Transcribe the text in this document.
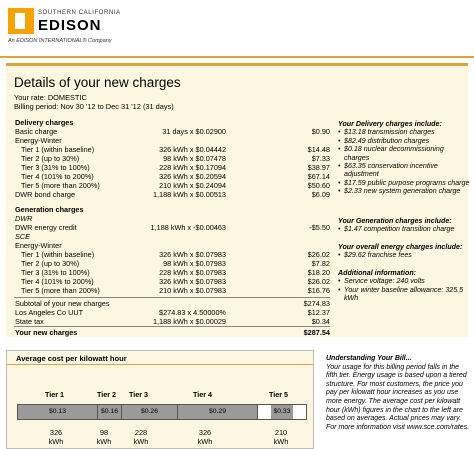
SOUTHERN CALIFORNIA
EDISON
An EDISON INTERNATIONAL® Company
Details of your new charges
Your rate: DOMESTIC
Billing period: Nov 30 '12 to Dec 31 '12 (31 days)
Delivery charges
Basic charge	31 days x $0.02900	$0.90
Energy-Winter
Tier 1 (within baseline)	326 kWh x $0.04442	$14.48
Tier 2 (up to 30%)	98 kWh x $0.07478	$7.33
Tier 3 (31% to 100%)	228 kWh x $0.17094	$38.97
Tier 4 (101% to 200%)	326 kWh x $0.20594	$67.14
Tier 5 (more than 200%)	210 kWh x $0.24094	$50.60
DWR bond charge	1,188 kWh x $0.00513	$6.09
Generation charges
DWR
DWR energy credit	1,188 kWh x -$0.00463	-$5.50
SCE
Energy-Winter
Tier 1 (within baseline)	326 kWh x $0.07983	$26.02
Tier 2 (up to 30%)	98 kWh x $0.07983	$7.82
Tier 3 (31% to 100%)	228 kWh x $0.07983	$18.20
Tier 4 (101% to 200%)	326 kWh x $0.07983	$26.02
Tier 5 (more than 200%)	210 kWh x $0.07983	$16.76
Subtotal of your new charges	$274.83
Los Angeles Co UUT	$274.83 x 4.50000%	$12.37
State tax	1,188 kWh x $0.00029	$0.34
Your new charges	$287.54
Your Delivery charges include:
• $13.18 transmission charges
• $82.49 distribution charges
• $0.18 nuclear decommissioning charges
• $63.35 conservation incentive adjustment
• $17.59 public purpose programs charge
• $2.33 new system generation charge
Your Generation charges include:
• $1.47 competition transition charge
Your overall energy charges include:
• $29.62 franchise fees
Additional information:
• Service voltage: 240 volts
• Your winter baseline allowance: 325.5 kWh
Average cost per kilowatt hour
Tier 1	Tier 2 Tier 3	Tier 4	Tier 5
$0.13	$0.16	$0.26	$0.29	$0.33
326
kWh
98
kWh
228
kWh
326
kWh
210
kWh
Understanding Your Bill...
Your usage for this billing period falls in the fifth tier. Energy usage is based upon a tiered structure. For most customers, the price you pay per kilowatt hour increases as you use more energy. The average cost per kilowatt hour (kWh) figures in the chart to the left are based on averages. Actual prices may vary. For more information visit www.sce.com/rates.
